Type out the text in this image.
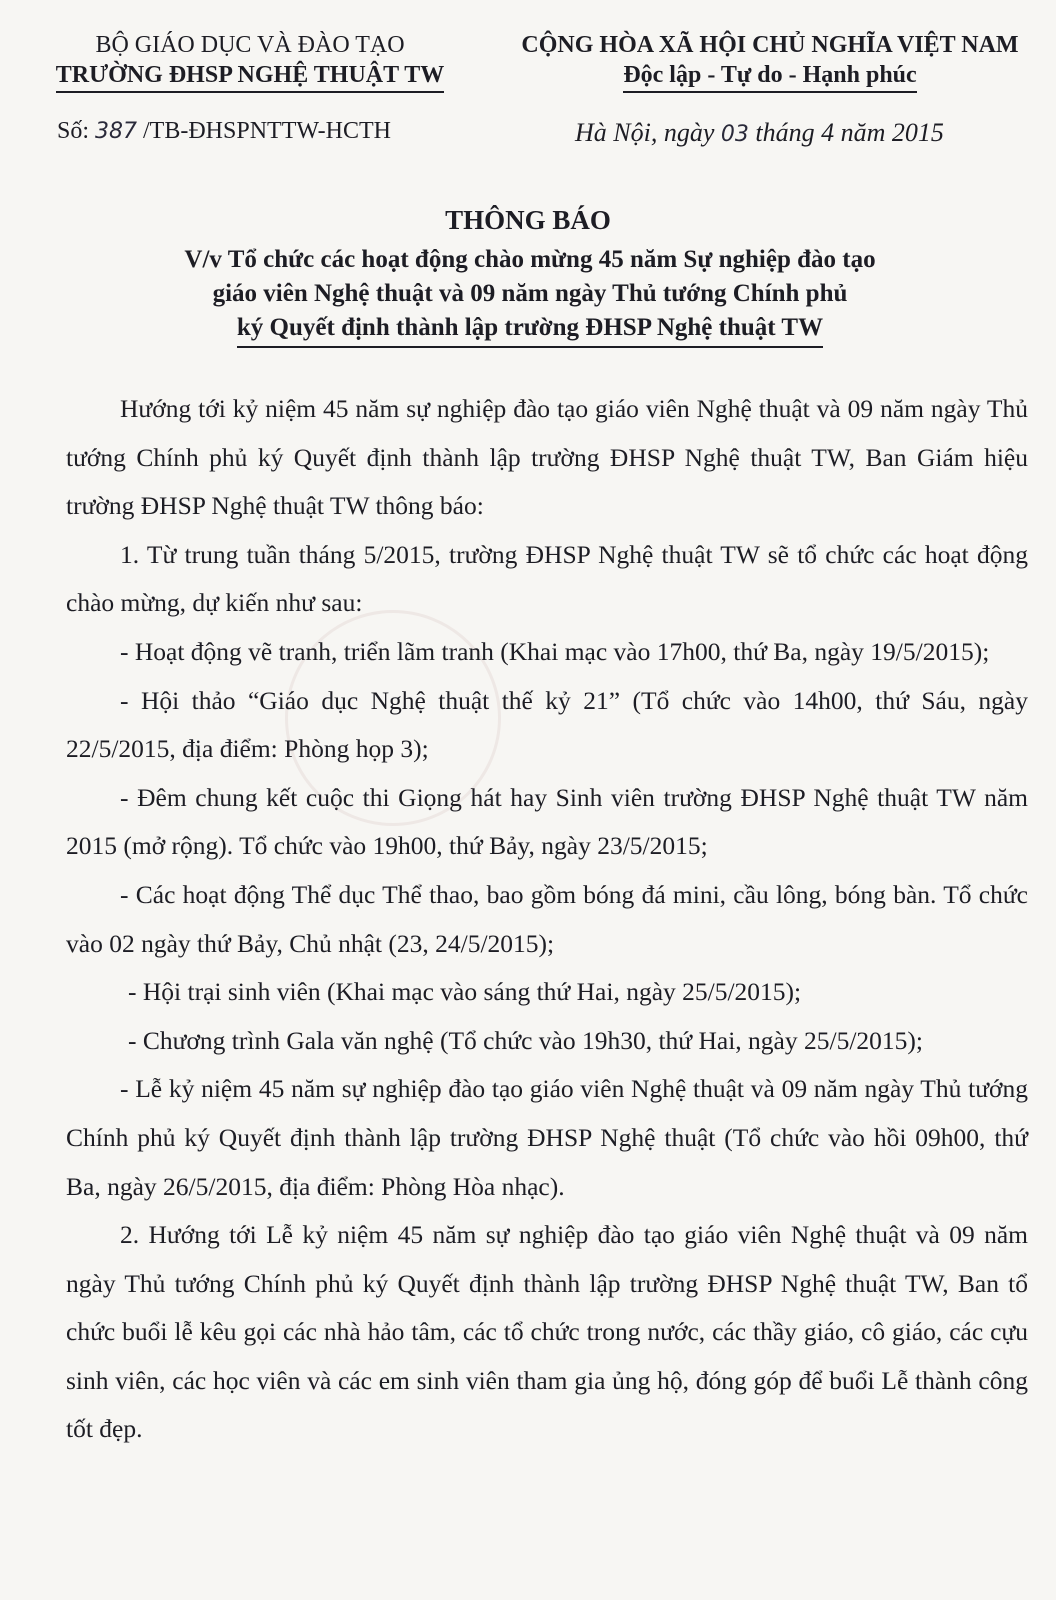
BỘ GIÁO DỤC VÀ ĐÀO TẠO
TRƯỜNG ĐHSP NGHỆ THUẬT TW
CỘNG HÒA XÃ HỘI CHỦ NGHĨA VIỆT NAM
Độc lập - Tự do - Hạnh phúc
Số: 387 /TB-ĐHSPNTTW-HCTH	Hà Nội, ngày 03 tháng 4 năm 2015
THÔNG BÁO
V/v Tổ chức các hoạt động chào mừng 45 năm Sự nghiệp đào tạo
giáo viên Nghệ thuật và 09 năm ngày Thủ tướng Chính phủ
ký Quyết định thành lập trường ĐHSP Nghệ thuật TW

Hướng tới kỷ niệm 45 năm sự nghiệp đào tạo giáo viên Nghệ thuật và 09 năm ngày Thủ tướng Chính phủ ký Quyết định thành lập trường ĐHSP Nghệ thuật TW, Ban Giám hiệu trường ĐHSP Nghệ thuật TW thông báo:

1. Từ trung tuần tháng 5/2015, trường ĐHSP Nghệ thuật TW sẽ tổ chức các hoạt động chào mừng, dự kiến như sau:

- Hoạt động vẽ tranh, triển lãm tranh (Khai mạc vào 17h00, thứ Ba, ngày 19/5/2015);

- Hội thảo “Giáo dục Nghệ thuật thế kỷ 21” (Tổ chức vào 14h00, thứ Sáu, ngày 22/5/2015, địa điểm: Phòng họp 3);

- Đêm chung kết cuộc thi Giọng hát hay Sinh viên trường ĐHSP Nghệ thuật TW năm 2015 (mở rộng). Tổ chức vào 19h00, thứ Bảy, ngày 23/5/2015;

- Các hoạt động Thể dục Thể thao, bao gồm bóng đá mini, cầu lông, bóng bàn. Tổ chức vào 02 ngày thứ Bảy, Chủ nhật (23, 24/5/2015);

- Hội trại sinh viên (Khai mạc vào sáng thứ Hai, ngày 25/5/2015);

- Chương trình Gala văn nghệ (Tổ chức vào 19h30, thứ Hai, ngày 25/5/2015);

- Lễ kỷ niệm 45 năm sự nghiệp đào tạo giáo viên Nghệ thuật và 09 năm ngày Thủ tướng Chính phủ ký Quyết định thành lập trường ĐHSP Nghệ thuật (Tổ chức vào hồi 09h00, thứ Ba, ngày 26/5/2015, địa điểm: Phòng Hòa nhạc).

2. Hướng tới Lễ kỷ niệm 45 năm sự nghiệp đào tạo giáo viên Nghệ thuật và 09 năm ngày Thủ tướng Chính phủ ký Quyết định thành lập trường ĐHSP Nghệ thuật TW, Ban tổ chức buổi lễ kêu gọi các nhà hảo tâm, các tổ chức trong nước, các thầy giáo, cô giáo, các cựu sinh viên, các học viên và các em sinh viên tham gia ủng hộ, đóng góp để buổi Lễ thành công tốt đẹp.
